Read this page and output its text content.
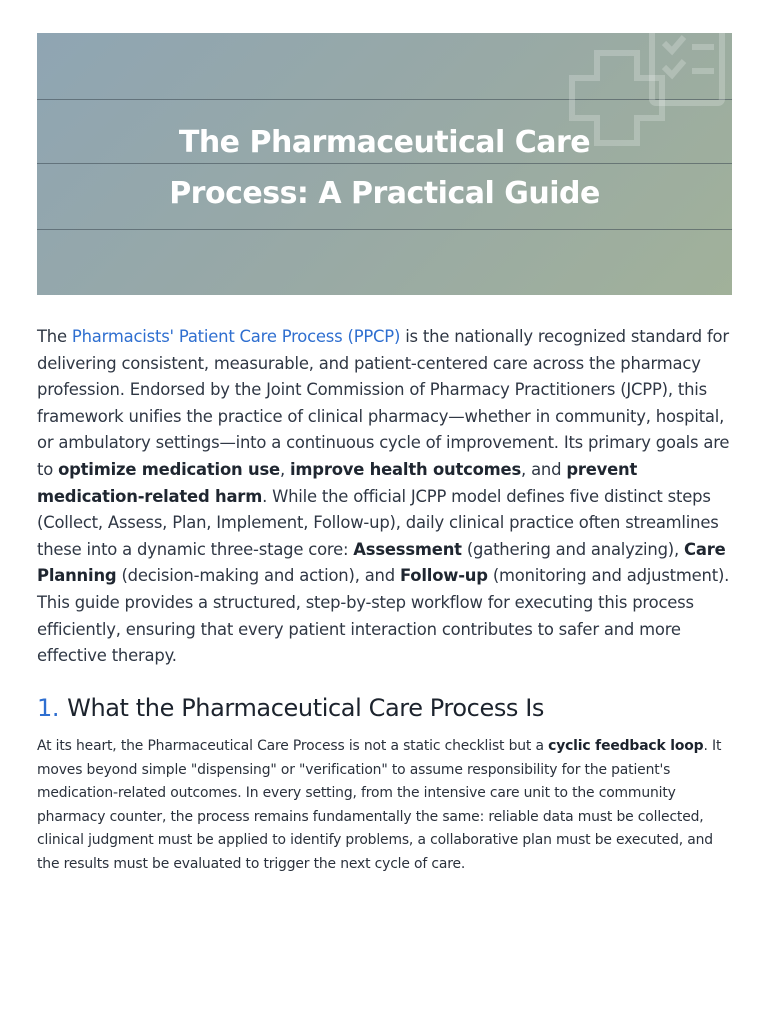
The Pharmaceutical Care
Process: A Practical Guide

The Pharmacists' Patient Care Process (PPCP) is the nationally recognized standard for delivering consistent, measurable, and patient-centered care across the pharmacy profession. Endorsed by the Joint Commission of Pharmacy Practitioners (JCPP), this framework unifies the practice of clinical pharmacy—whether in community, hospital, or ambulatory settings—into a continuous cycle of improvement. Its primary goals are to optimize medication use, improve health outcomes, and prevent medication-related harm. While the official JCPP model defines five distinct steps (Collect, Assess, Plan, Implement, Follow-up), daily clinical practice often streamlines these into a dynamic three-stage core: Assessment (gathering and analyzing), Care Planning (decision-making and action), and Follow-up (monitoring and adjustment). This guide provides a structured, step-by-step workflow for executing this process efficiently, ensuring that every patient interaction contributes to safer and more effective therapy.

1. What the Pharmaceutical Care Process Is

At its heart, the Pharmaceutical Care Process is not a static checklist but a cyclic feedback loop. It moves beyond simple "dispensing" or "verification" to assume responsibility for the patient's medication-related outcomes. In every setting, from the intensive care unit to the community pharmacy counter, the process remains fundamentally the same: reliable data must be collected, clinical judgment must be applied to identify problems, a collaborative plan must be executed, and the results must be evaluated to trigger the next cycle of care.
